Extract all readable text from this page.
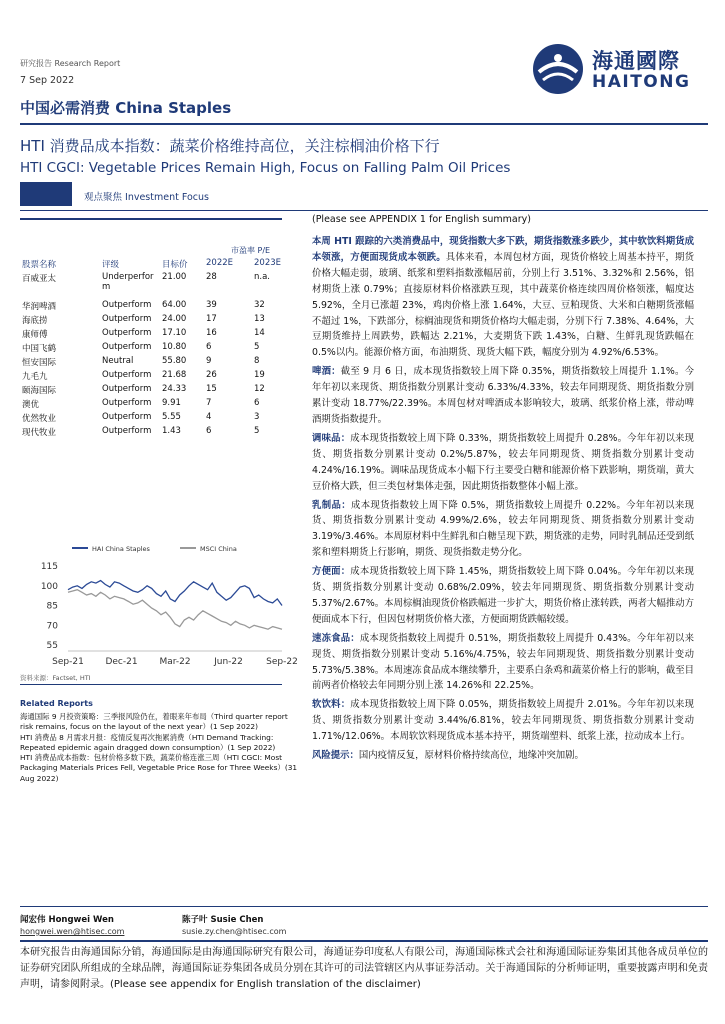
研究报告 Research Report
7 Sep 2022
中国必需消费 China Staples
海通國際
HAITONG
HTI 消费品成本指数：蔬菜价格维持高位，关注棕榈油价格下行
HTI CGCI: Vegetable Prices Remain High, Focus on Falling Palm Oil Prices
观点聚焦 Investment Focus
市盈率 P/E
股票名称	评级	目标价	2022E	2023E
百威亚太	Underperform	21.00	28	n.a.
华润啤酒	Outperform	64.00	39	32
海底捞	Outperform	24.00	17	13
康师傅	Outperform	17.10	16	14
中国飞鹤	Outperform	10.80	6	5
恒安国际	Neutral	55.80	9	8
九毛九	Outperform	21.68	26	19
颐海国际	Outperform	24.33	15	12
澳优	Outperform	9.91	7	6
优然牧业	Outperform	5.55	4	3
现代牧业	Outperform	1.43	6	5
HAI China Staples	MSCI China
115
100
85
70
55
Sep-21 Dec-21 Mar-22	Jun-22	Sep-22
资料来源：Factset, HTI
Related Reports
海通国际 9 月投资策略：三季报风险仍在，着眼来年布局（Third quarter report risk remains, focus on the layout of the next year）(1 Sep 2022)
HTI 消费品 8 月需求月报：疫情反复再次拖累消费（HTI Demand Tracking: Repeated epidemic again dragged down consumption）(1 Sep 2022)
HTI 消费品成本指数：包材价格多数下跌，蔬菜价格连涨三周（HTI CGCI: Most Packaging Materials Prices Fell, Vegetable Price Rose for Three Weeks）(31 Aug 2022)
(Please see APPENDIX 1 for English summary)

本周 HTI 跟踪的六类消费品中，现货指数大多下跌，期货指数涨多跌少，其中软饮料期货成本领涨，方便面现货成本领跌。具体来看，本周包材方面，现货价格较上周基本持平，期货价格大幅走弱，玻璃、纸浆和塑料指数涨幅居前，分别上行 3.51%、3.32%和 2.56%，铝材期货上涨 0.79%；直接原材料价格涨跌互现，其中蔬菜价格连续四周价格领涨，幅度达 5.92%，全月已涨超 23%，鸡肉价格上涨 1.64%，大豆、豆粕现货、大米和白糖期货涨幅不超过 1%，下跌部分，棕榈油现货和期货价格均大幅走弱，分别下行 7.38%、4.64%，大豆期货维持上周跌势，跌幅达 2.21%，大麦期货下跌 1.43%，白糖、生鲜乳现货跌幅在 0.5%以内。能源价格方面，布油期货、现货大幅下跌，幅度分别为 4.92%/6.53%。

啤酒：截至 9 月 6 日，成本现货指数较上周下降 0.35%，期货指数较上周提升 1.1%。今年年初以来现货、期货指数分别累计变动 6.33%/4.33%，较去年同期现货、期货指数分别累计变动 18.77%/22.39%。本周包材对啤酒成本影响较大，玻璃、纸浆价格上涨，带动啤酒期货指数提升。

调味品：成本现货指数较上周下降 0.33%，期货指数较上周提升 0.28%。今年年初以来现货、期货指数分别累计变动 0.2%/5.87%，较去年同期现货、期货指数分别累计变动 4.24%/16.19%。调味品现货成本小幅下行主要受白糖和能源价格下跌影响，期货端，黄大豆价格大跌，但三类包材集体走强，因此期货指数整体小幅上涨。

乳制品：成本现货指数较上周下降 0.5%，期货指数较上周提升 0.22%。今年年初以来现货、期货指数分别累计变动 4.99%/2.6%，较去年同期现货、期货指数分别累计变动 3.19%/3.46%。本周原材料中生鲜乳和白糖呈现下跌，期货涨的走势，同时乳制品还受到纸浆和塑料期货上行影响，期货、现货指数走势分化。

方便面：成本现货指数较上周下降 1.45%，期货指数较上周下降 0.04%。今年年初以来现货、期货指数分别累计变动 0.68%/2.09%，较去年同期现货、期货指数分别累计变动 5.37%/2.67%。本周棕榈油现货价格跌幅进一步扩大，期货价格止涨转跌，两者大幅推动方便面成本下行，但因包材期货价格大涨，方便面期货跌幅较缓。

速冻食品：成本现货指数较上周提升 0.51%，期货指数较上周提升 0.43%。今年年初以来现货、期货指数分别累计变动 5.16%/4.75%，较去年同期现货、期货指数分别累计变动 5.73%/5.38%。本周速冻食品成本继续攀升，主要系白条鸡和蔬菜价格上行的影响，截至目前两者价格较去年同期分别上涨 14.26%和 22.25%。

软饮料：成本现货指数较上周下降 0.05%，期货指数较上周提升 2.01%。今年年初以来现货、期货指数分别累计变动 3.44%/6.81%，较去年同期现货、期货指数分别累计变动 1.71%/12.06%。本周软饮料现货成本基本持平，期货端塑料、纸浆上涨，拉动成本上行。

风险提示：国内疫情反复，原材料价格持续高位，地缘冲突加剧。

闻宏伟 Hongwei Wen
hongwei.wen@htisec.com
陈子叶 Susie Chen
susie.zy.chen@htisec.com
本研究报告由海通国际分销，海通国际是由海通国际研究有限公司，海通证券印度私人有限公司，海通国际株式会社和海通国际证券集团其他各成员单位的证券研究团队所组成的全球品牌，海通国际证券集团各成员分别在其许可的司法管辖区内从事证券活动。关于海通国际的分析师证明，重要披露声明和免责声明，请参阅附录。(Please see appendix for English translation of the disclaimer)
